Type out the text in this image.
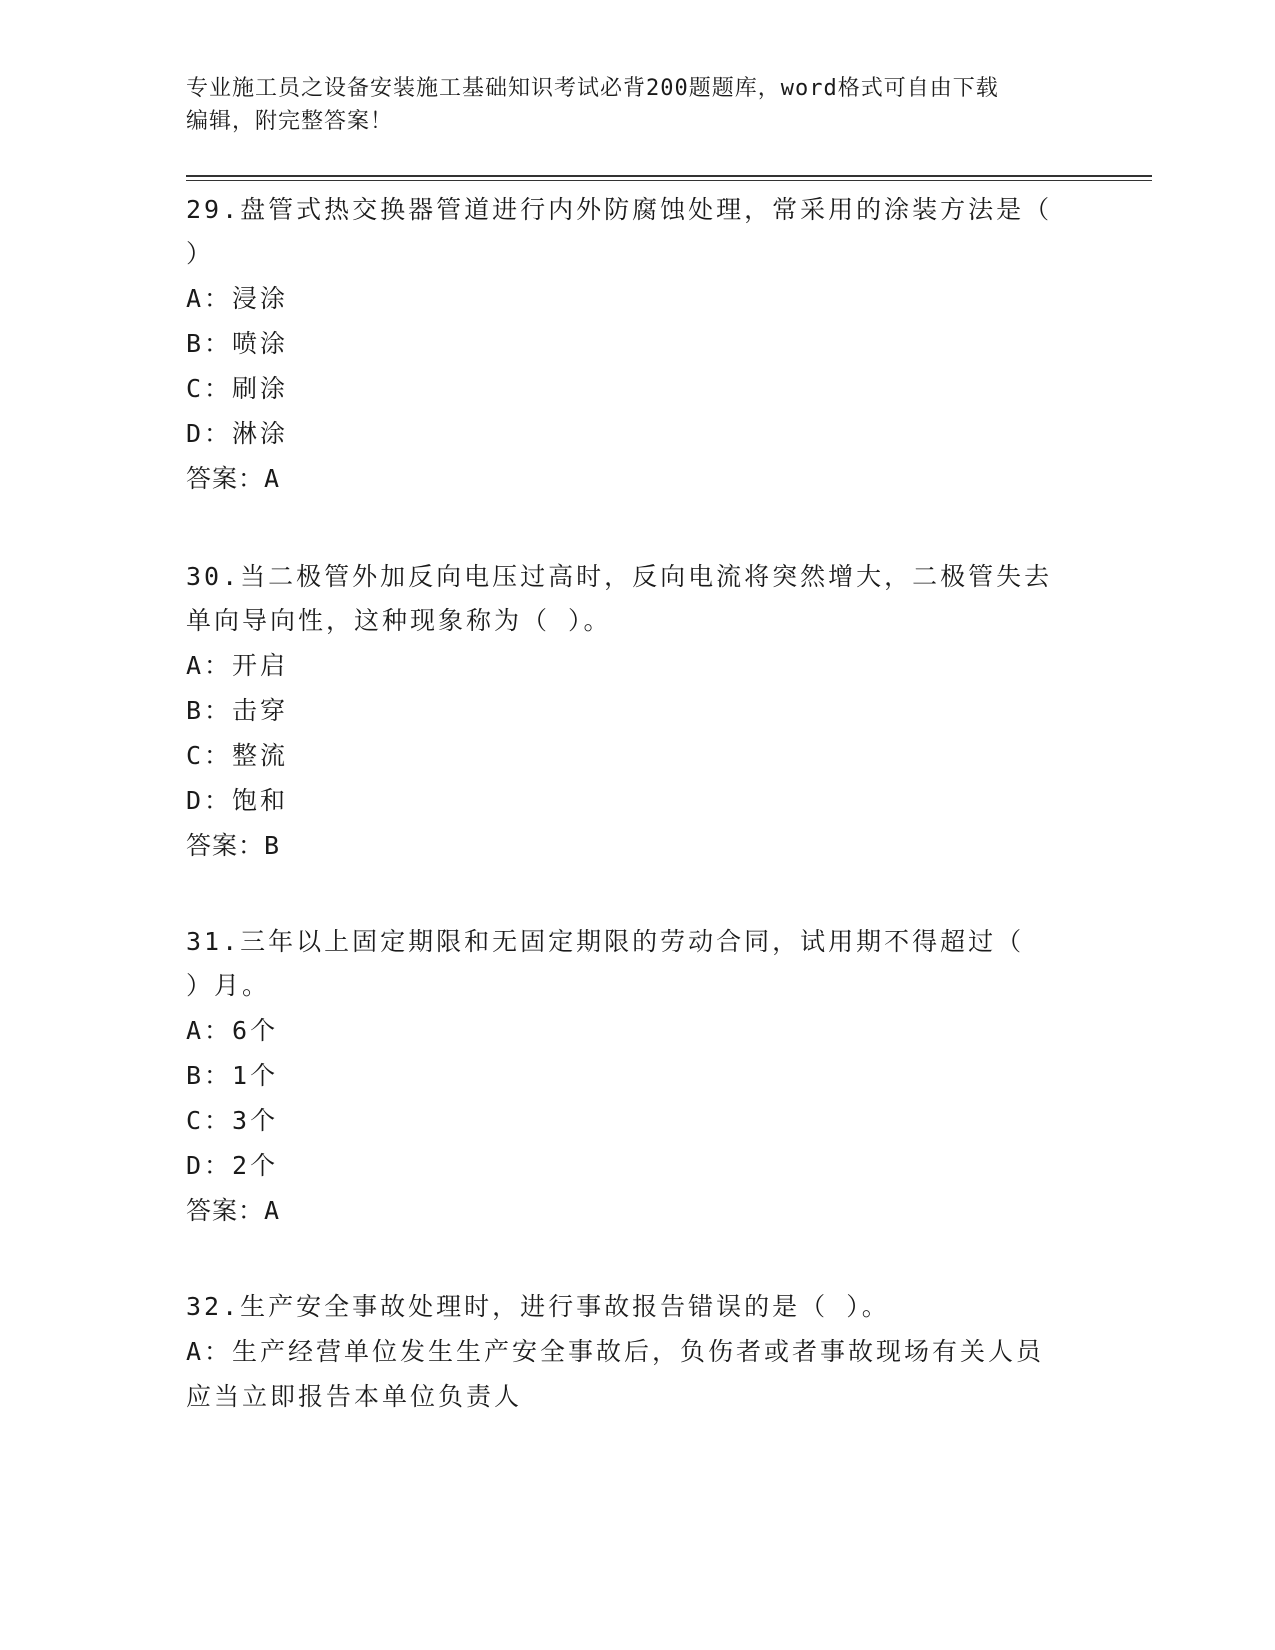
专业施工员之设备安装施工基础知识考试必背200题题库，word格式可自由下载
编辑，附完整答案！
29.盘管式热交换器管道进行内外防腐蚀处理，常采用的涂装方法是（
）
A：浸涂
B：喷涂
C：刷涂
D：淋涂
答案：A
30.当二极管外加反向电压过高时，反向电流将突然增大，二极管失去
单向导向性，这种现象称为（ ）。
A：开启
B：击穿
C：整流
D：饱和
答案：B
31.三年以上固定期限和无固定期限的劳动合同，试用期不得超过（
）月。
A：6个
B：1个
C：3个
D：2个
答案：A
32.生产安全事故处理时，进行事故报告错误的是（ ）。
A：生产经营单位发生生产安全事故后，负伤者或者事故现场有关人员
应当立即报告本单位负责人
